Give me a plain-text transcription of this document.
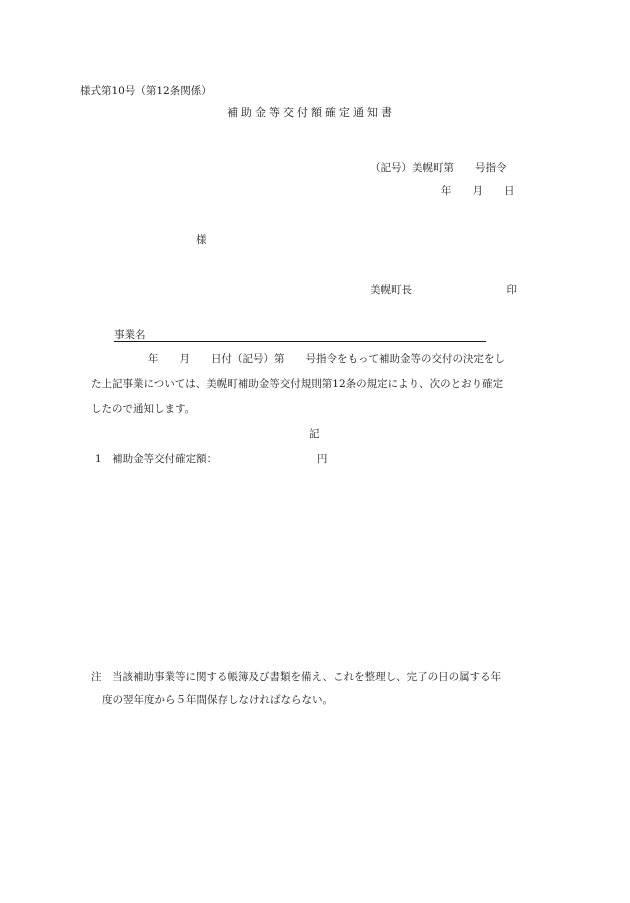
様式第10号（第12条関係）
補助金等交付額確定通知書
（記号）美幌町第　　号指令
年　　月　　日
様
美幌町長　　　　　　　　　印
事業名
年　　月　　日付（記号）第　　号指令をもって補助金等の交付の決定をし
た上記事業については、美幌町補助金等交付規則第12条の規定により、次のとおり確定
したので通知します。
記
1　補助金等交付確定額：　　　　　　　　　　円
注　当該補助事業等に関する帳簿及び書類を備え、これを整理し、完了の日の属する年
度の翌年度から５年間保存しなければならない。
